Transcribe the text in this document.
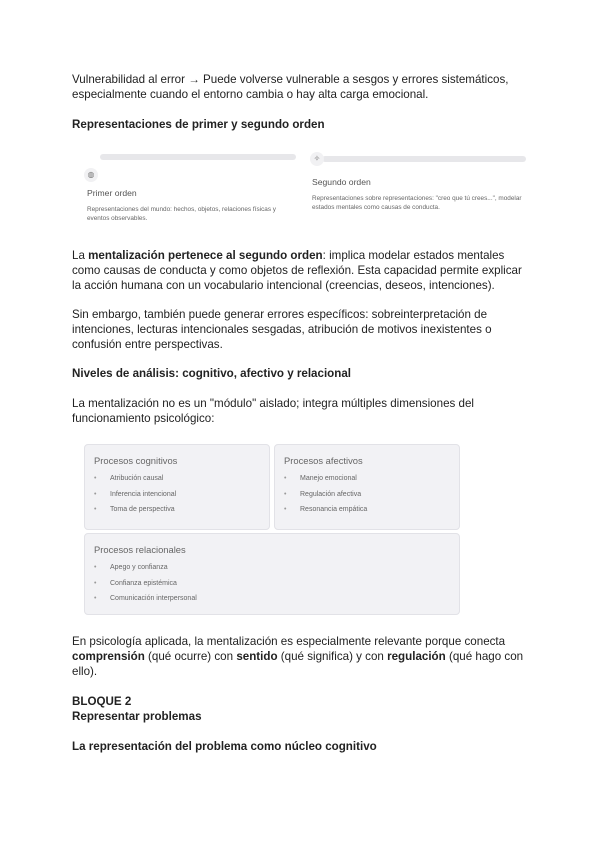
Vulnerabilidad al error → Puede volverse vulnerable a sesgos y errores sistemáticos, especialmente cuando el entorno cambia o hay alta carga emocional.

Representaciones de primer y segundo orden

◍
Primer orden
Representaciones del mundo: hechos, objetos, relaciones físicas y eventos observables.
✧
Segundo orden
Representaciones sobre representaciones: "creo que tú crees...", modelar estados mentales como causas de conducta.

La mentalización pertenece al segundo orden: implica modelar estados mentales como causas de conducta y como objetos de reflexión. Esta capacidad permite explicar la acción humana con un vocabulario intencional (creencias, deseos, intenciones).

Sin embargo, también puede generar errores específicos: sobreinterpretación de intenciones, lecturas intencionales sesgadas, atribución de motivos inexistentes o confusión entre perspectivas.

Niveles de análisis: cognitivo, afectivo y relacional

La mentalización no es un "módulo" aislado; integra múltiples dimensiones del funcionamiento psicológico:

Procesos cognitivos
• Atribución causal
• Inferencia intencional
• Toma de perspectiva
Procesos afectivos
• Manejo emocional
• Regulación afectiva
• Resonancia empática
Procesos relacionales
• Apego y confianza
• Confianza epistémica
• Comunicación interpersonal

En psicología aplicada, la mentalización es especialmente relevante porque conecta comprensión (qué ocurre) con sentido (qué significa) y con regulación (qué hago con ello).

BLOQUE 2

Representar problemas

La representación del problema como núcleo cognitivo
